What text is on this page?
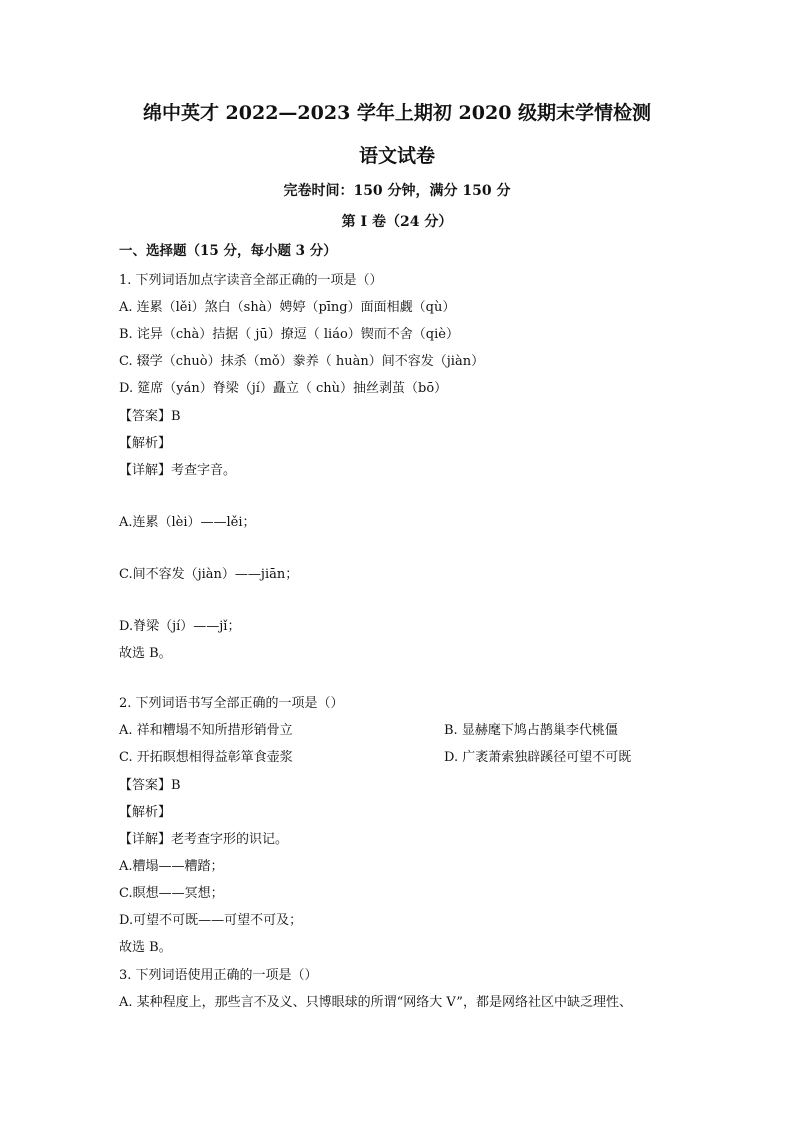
绵中英才 2022—2023 学年上期初 2020 级期末学情检测
语文试卷
完卷时间：150 分钟，满分 150 分
第 I 卷（24 分）
一、选择题（15 分，每小题 3 分）
1. 下列词语加点字读音全部正确的一项是（）
A. 连累（lěi）煞白（shà）娉婷（pīng）面面相觑（qù）
B. 诧异（chà）拮据（ jū）撩逗（ liáo）锲而不舍（qiè）
C. 辍学（chuò）抹杀（mǒ）豢养（ huàn）间不容发（jiàn）
D. 筵席（yán）脊梁（jí）矗立（ chù）抽丝剥茧（bō）
【答案】B
【解析】
【详解】考查字音。
A.连累（lèi）——lěi；
C.间不容发（jiàn）——jiān；
D.脊梁（jí）——jǐ；
故选 B。
2. 下列词语书写全部正确的一项是（）
A. 祥和糟塌不知所措形销骨立	B. 显赫麾下鸠占鹊巢李代桃僵
C. 开拓瞑想相得益彰箪食壶浆	D. 广袤萧索独辟蹊径可望不可既
【答案】B
【解析】
【详解】老考查字形的识记。
A.糟塌——糟踏；
C.瞑想——冥想；
D.可望不可既——可望不可及；
故选 B。
3. 下列词语使用正确的一项是（）
A. 某种程度上，那些言不及义、只博眼球的所谓“网络大 V”，都是网络社区中缺乏理性、
